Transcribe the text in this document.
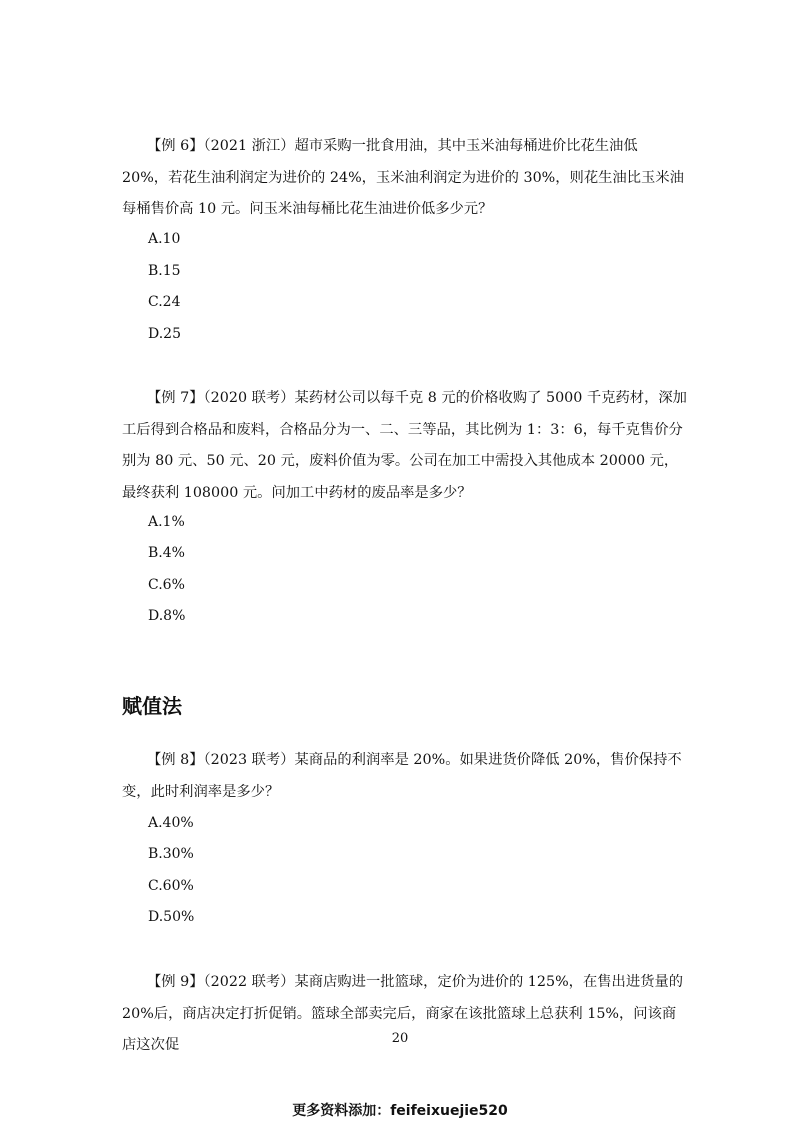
【例 6】（2021 浙江）超市采购一批食用油，其中玉米油每桶进价比花生油低 20%，若花生油利润定为进价的 24%，玉米油利润定为进价的 30%，则花生油比玉米油每桶售价高 10 元。问玉米油每桶比花生油进价低多少元？

A.10
B.15
C.24
D.25

【例 7】（2020 联考）某药材公司以每千克 8 元的价格收购了 5000 千克药材，深加工后得到合格品和废料，合格品分为一、二、三等品，其比例为 1：3：6，每千克售价分别为 80 元、50 元、20 元，废料价值为零。公司在加工中需投入其他成本 20000 元，最终获利 108000 元。问加工中药材的废品率是多少？

A.1%
B.4%
C.6%
D.8%
赋值法

【例 8】（2023 联考）某商品的利润率是 20%。如果进货价降低 20%，售价保持不变，此时利润率是多少？

A.40%
B.30%
C.60%
D.50%

【例 9】（2022 联考）某商店购进一批篮球，定价为进价的 125%，在售出进货量的 20%后，商店决定打折促销。篮球全部卖完后，商家在该批篮球上总获利 15%，问该商店这次促	20
更多资料添加：feifeixuejie520
